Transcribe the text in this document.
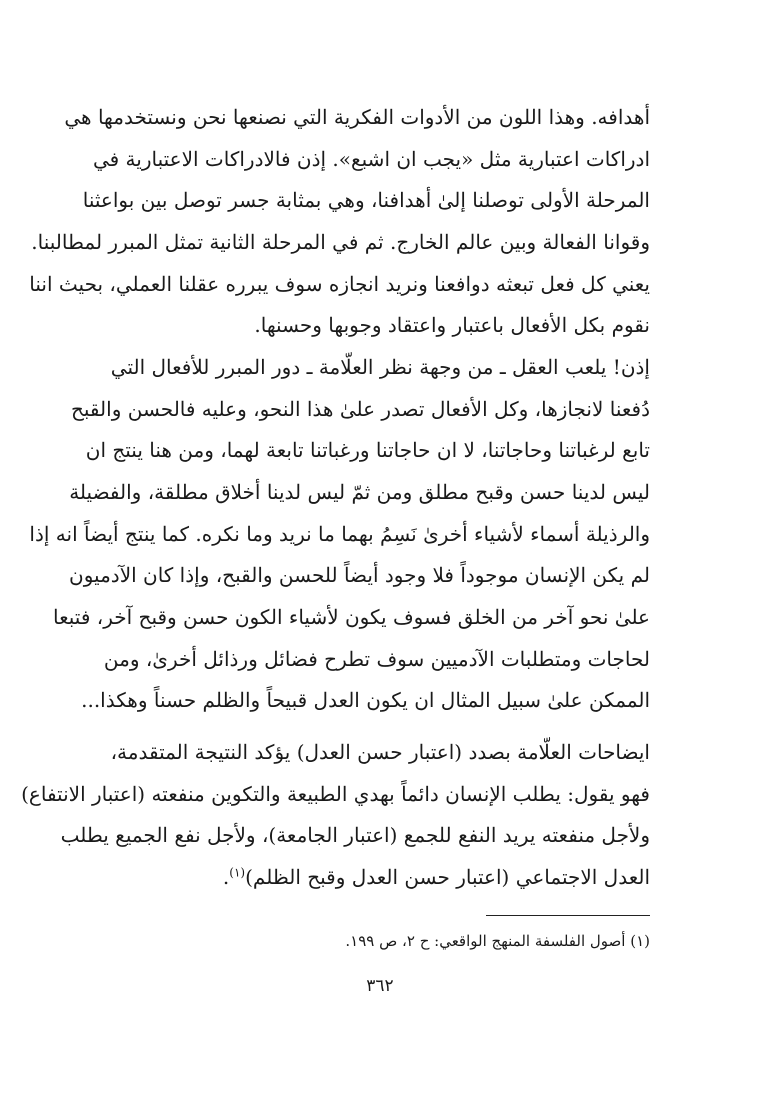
أهدافه. وهذا اللون من الأدوات الفكرية التي نصنعها نحن ونستخدمها هي
ادراكات اعتبارية مثل «يجب ان اشبع». إذن فالادراكات الاعتبارية في
المرحلة الأولى توصلنا إلىٰ أهدافنا، وهي بمثابة جسر توصل بين بواعثنا
وقوانا الفعالة وبين عالم الخارج. ثم في المرحلة الثانية تمثل المبرر لمطالبنا.
يعني كل فعل تبعثه دوافعنا ونريد انجازه سوف يبرره عقلنا العملي، بحيث اننا
نقوم بكل الأفعال باعتبار واعتقاد وجوبها وحسنها.
إذن! يلعب العقل ـ من وجهة نظر العلّامة ـ دور المبرر للأفعال التي
دُفعنا لانجازها، وكل الأفعال تصدر علىٰ هذا النحو، وعليه فالحسن والقبح
تابع لرغباتنا وحاجاتنا، لا ان حاجاتنا ورغباتنا تابعة لهما، ومن هنا ينتج ان
ليس لدينا حسن وقبح مطلق ومن ثمّ ليس لدينا أخلاق مطلقة، والفضيلة
والرذيلة أسماء لأشياء أخرىٰ نَسِمُ بهما ما نريد وما نكره. كما ينتج أيضاً انه إذا
لم يكن الإنسان موجوداً فلا وجود أيضاً للحسن والقبح، وإذا كان الآدميون
علىٰ نحو آخر من الخلق فسوف يكون لأشياء الكون حسن وقبح آخر، فتبعا
لحاجات ومتطلبات الآدميين سوف تطرح فضائل ورذائل أخرىٰ، ومن
الممكن علىٰ سبيل المثال ان يكون العدل قبيحاً والظلم حسناً وهكذا...
ايضاحات العلّامة بصدد (اعتبار حسن العدل) يؤكد النتيجة المتقدمة،
فهو يقول: يطلب الإنسان دائماً بهدي الطبيعة والتكوين منفعته (اعتبار الانتفاع)
ولأجل منفعته يريد النفع للجمع (اعتبار الجامعة)، ولأجل نفع الجميع يطلب
العدل الاجتماعي (اعتبار حسن العدل وقبح الظلم)$^{(١)}$.
(١) أصول الفلسفة المنهج الواقعي: ح ٢، ص ١٩٩.
٣٦٢
